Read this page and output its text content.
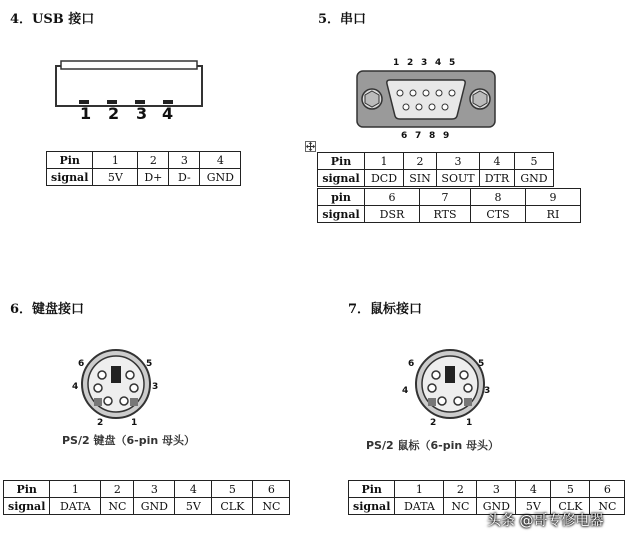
4．USB 接口
1 2 3 4
Pin	1	2	3	4
signal	5V	D+	D-	GND
5．串口
1 2 3 4 5
6 7 8 9
Pin	1	2	3	4	5
signal	DCD	SIN	SOUT	DTR	GND
pin	6	7	8	9
signal	DSR	RTS	CTS	RI
6．键盘接口
6	5
4	3
2	1
PS/2 键盘（6-pin 母头）
Pin	1	2	3	4	5	6
signal	DATA	NC	GND	5V	CLK	NC
7．鼠标接口
6	5
4	3
2	1
PS/2 鼠标（6-pin 母头）
Pin	1	2	3	4	5	6
signal	DATA	NC	GND	5V	CLK	NC
头条 @哥专修电器
